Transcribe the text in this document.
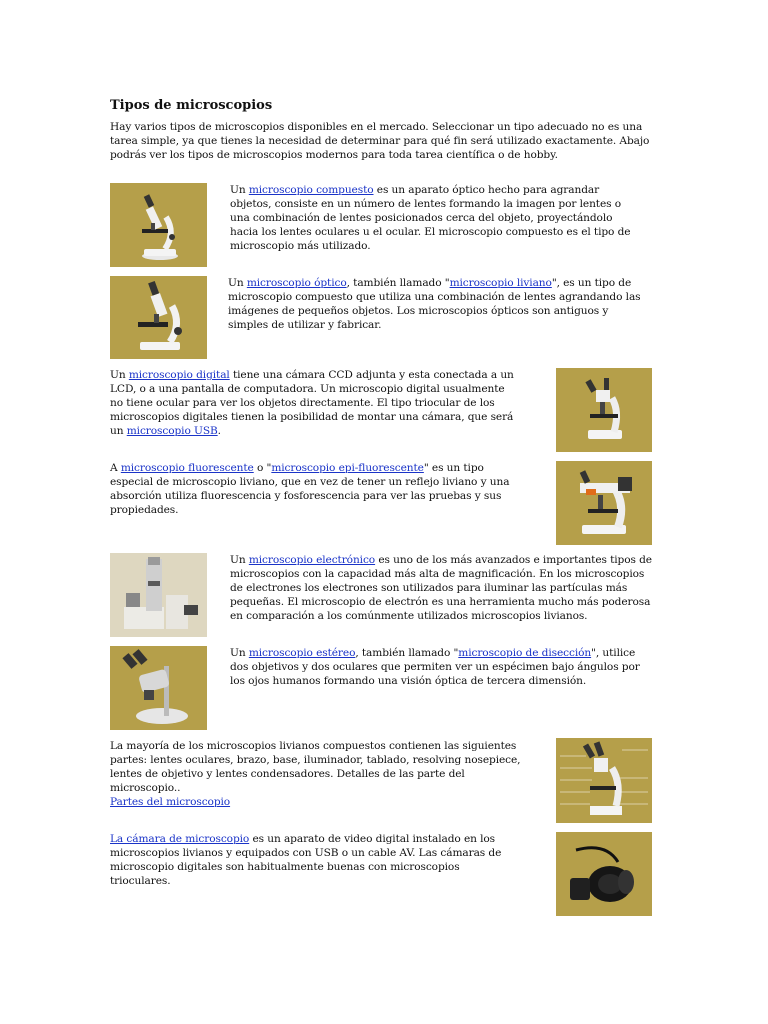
Tipos de microscopios
Hay varios tipos de microscopios disponibles en el mercado. Seleccionar un tipo adecuado no es una tarea simple, ya que tienes la necesidad de determinar para qué fin será utilizado exactamente. Abajo podrás ver los tipos de microscopios modernos para toda tarea científica o de hobby.
Un microscopio compuesto es un aparato óptico hecho para agrandar objetos, consiste en un número de lentes formando la imagen por lentes o una combinación de lentes posicionados cerca del objeto, proyectándolo hacia los lentes oculares u el ocular. El microscopio compuesto es el tipo de microscopio más utilizado.
Un microscopio óptico, también llamado "microscopio liviano", es un tipo de microscopio compuesto que utiliza una combinación de lentes agrandando las imágenes de pequeños objetos. Los microscopios ópticos son antiguos y simples de utilizar y fabricar.
Un microscopio digital tiene una cámara CCD adjunta y esta conectada a un LCD, o a una pantalla de computadora. Un microscopio digital usualmente no tiene ocular para ver los objetos directamente. El tipo triocular de los microscopios digitales tienen la posibilidad de montar una cámara, que será un microscopio USB.
A microscopio fluorescente o "microscopio epi-fluorescente" es un tipo especial de microscopio liviano, que en vez de tener un reflejo liviano y una absorción utiliza fluorescencia y fosforescencia para ver las pruebas y sus propiedades.
Un microscopio electrónico es uno de los más avanzados e importantes tipos de microscopios con la capacidad más alta de magnificación. En los microscopios de electrones los electrones son utilizados para iluminar las partículas más pequeñas. El microscopio de electrón es una herramienta mucho más poderosa en comparación a los comúnmente utilizados microscopios livianos.
Un microscopio estéreo, también llamado "microscopio de disección", utilice dos objetivos y dos oculares que permiten ver un espécimen bajo ángulos por los ojos humanos formando una visión óptica de tercera dimensión.
La mayoría de los microscopios livianos compuestos contienen las siguientes partes: lentes oculares, brazo, base, iluminador, tablado, resolving nosepiece, lentes de objetivo y lentes condensadores. Detalles de las parte del microscopio..
Partes del microscopio
La cámara de microscopio es un aparato de video digital instalado en los microscopios livianos y equipados con USB o un cable AV. Las cámaras de microscopio digitales son habitualmente buenas con microscopios trioculares.
